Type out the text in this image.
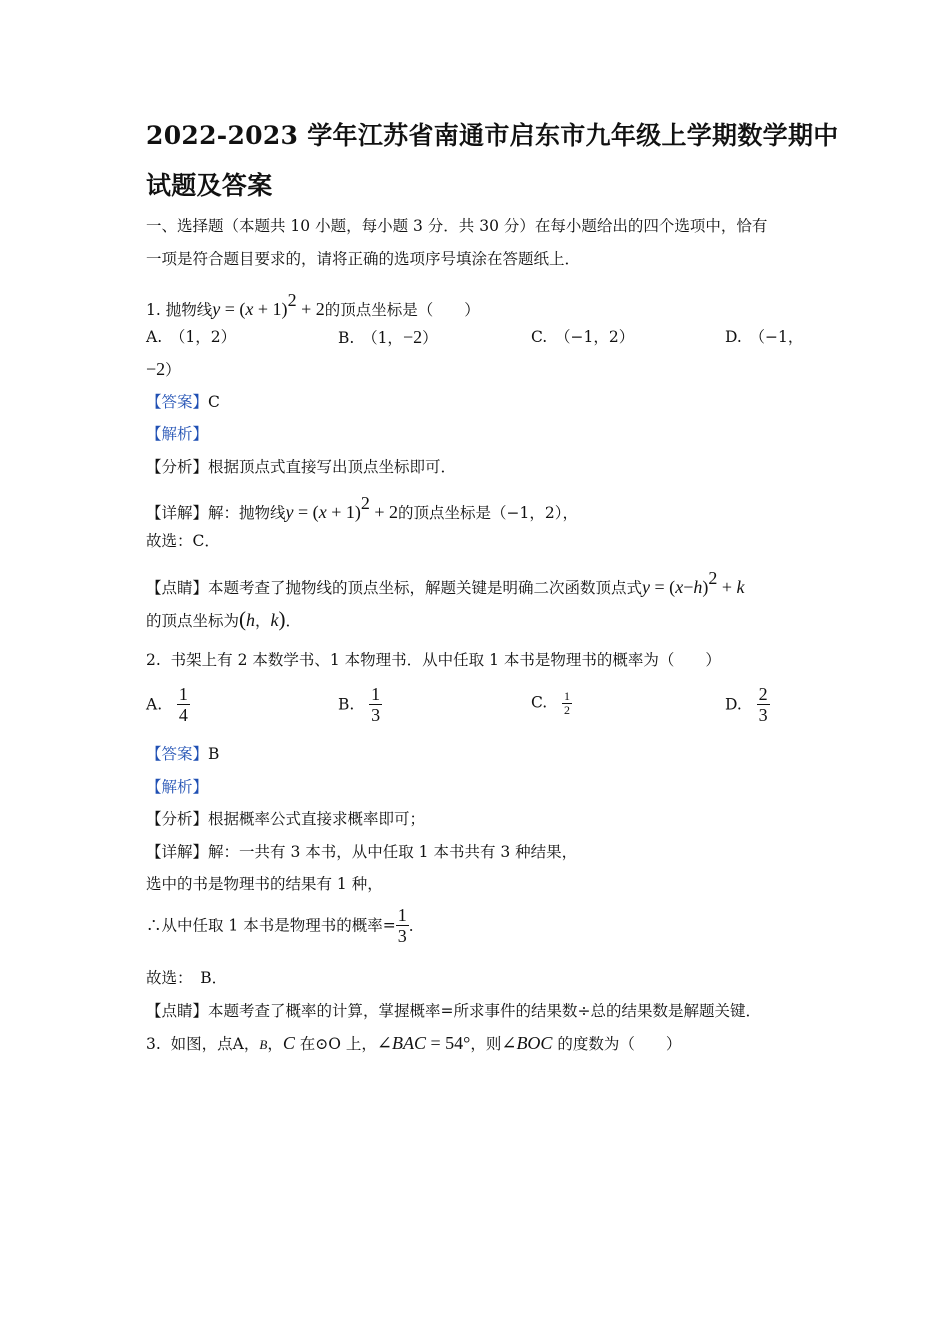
2022-2023 学年江苏省南通市启东市九年级上学期数学期中
试题及答案
一、选择题（本题共 10 小题，每小题 3 分．共 30 分）在每小题给出的四个选项中，恰有
一项是符合题目要求的，请将正确的选项序号填涂在答题纸上．
1. 抛物线$y = (x + 1)^2 + 2$的顶点坐标是（　　）
A.　（1，2）	B.　（1，−2）	C.　（−1，2）	D.　（−1，
−2）
【答案】C
【解析】
【分析】根据顶点式直接写出顶点坐标即可．
【详解】解：抛物线$y = (x + 1)^2 + 2$的顶点坐标是（−1，2），
故选：C．
【点睛】本题考查了抛物线的顶点坐标，解题关键是明确二次函数顶点式$y = (x-h)^2 + k$
的顶点坐标为(h，k)．
2. 书架上有 2 本数学书、1 本物理书．从中任取 1 本书是物理书的概率为（　　）
A. $\frac{1}{4}$	B. $\frac{1}{3}$	C. $\frac{1}{2}$	D. $\frac{2}{3}$
【答案】B
【解析】
【分析】根据概率公式直接求概率即可；
【详解】解：一共有 3 本书，从中任取 1 本书共有 3 种结果，
选中的书是物理书的结果有 1 种，
∴从中任取 1 本书是物理书的概率= $\frac{1}{3}$ ．
故选：　B．
【点睛】本题考查了概率的计算，掌握概率=所求事件的结果数÷总的结果数是解题关键．
3. 如图，点A，B，C 在⊙O 上，∠BAC = 54°，则∠BOC 的度数为（　　）
